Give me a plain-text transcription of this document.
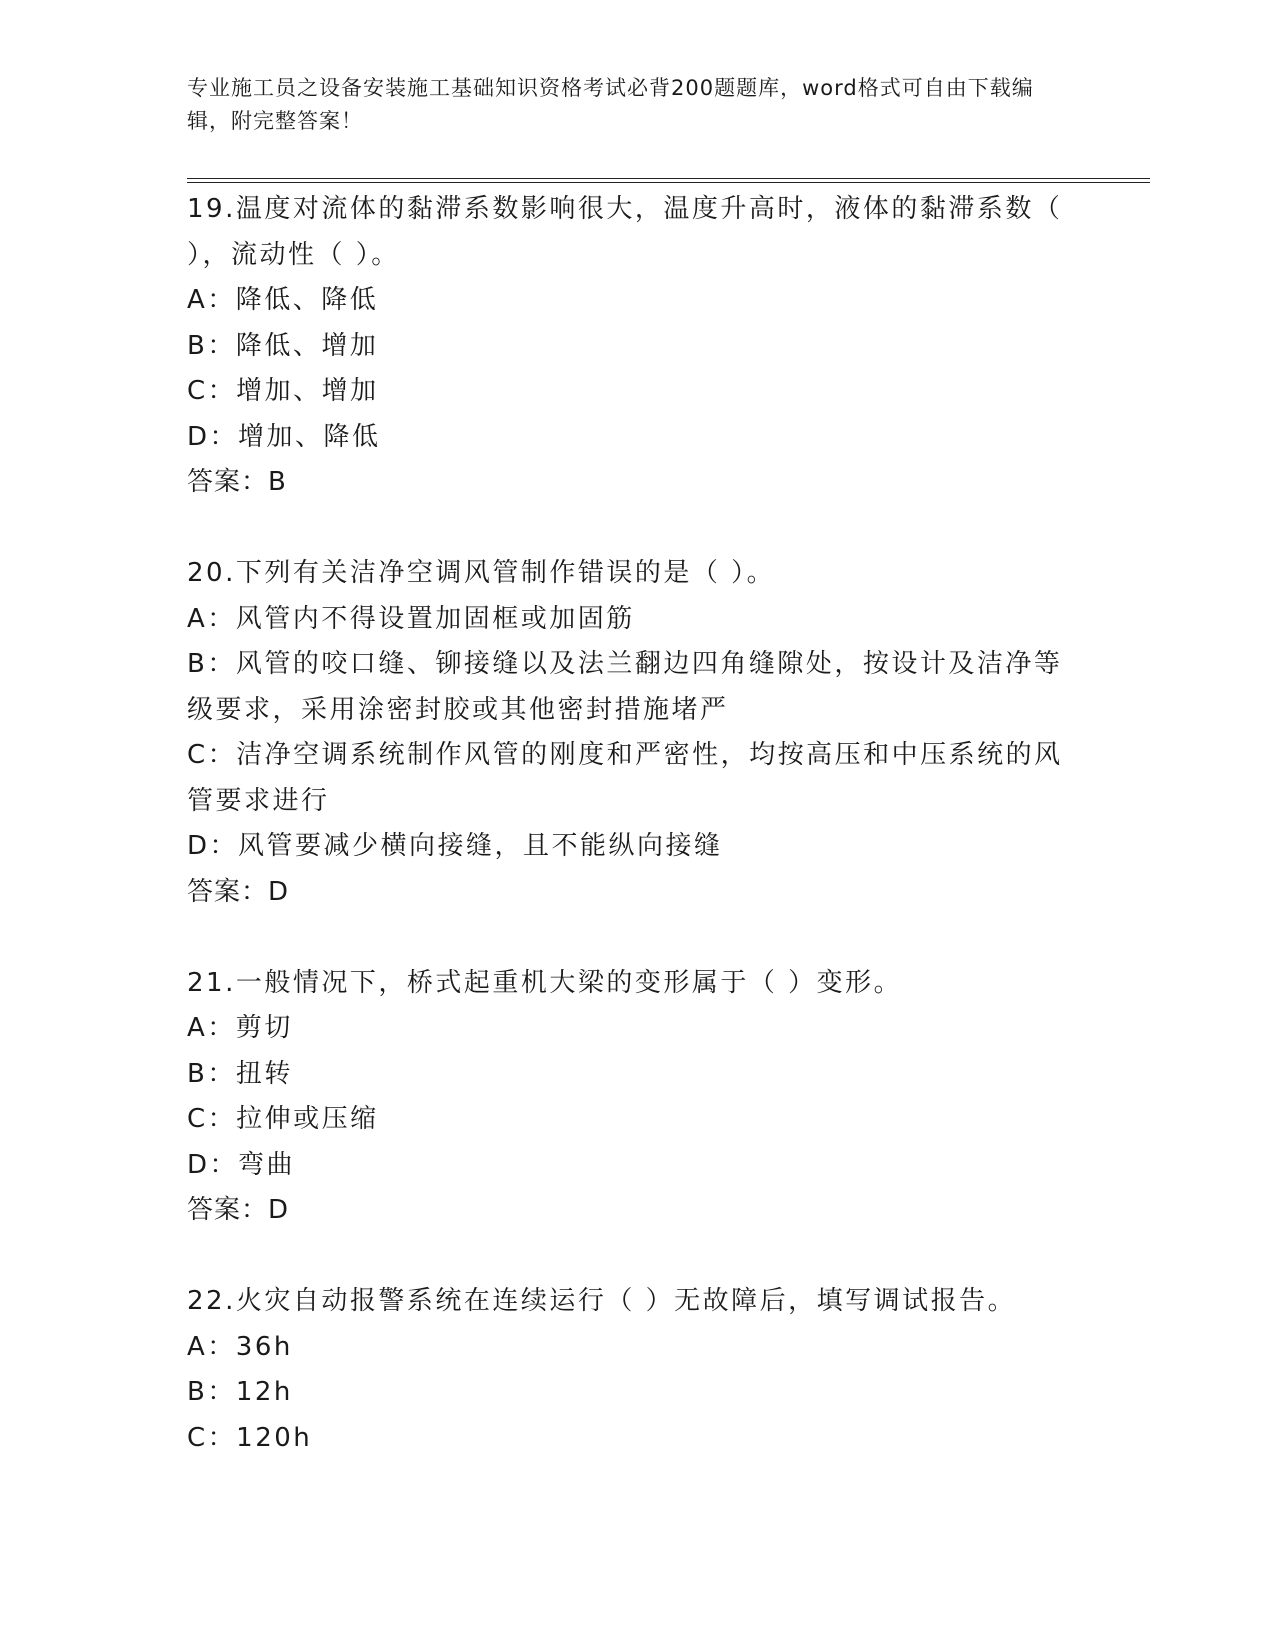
专业施工员之设备安装施工基础知识资格考试必背200题题库，word格式可自由下载编辑，附完整答案！
19.温度对流体的黏滞系数影响很大，温度升高时，液体的黏滞系数（ ），流动性（ ）。
A：降低、降低
B：降低、增加
C：增加、增加
D：增加、降低
答案：B
20.下列有关洁净空调风管制作错误的是（ ）。
A：风管内不得设置加固框或加固筋
B：风管的咬口缝、铆接缝以及法兰翻边四角缝隙处，按设计及洁净等级要求，采用涂密封胶或其他密封措施堵严
C：洁净空调系统制作风管的刚度和严密性，均按高压和中压系统的风管要求进行
D：风管要减少横向接缝，且不能纵向接缝
答案：D
21.一般情况下，桥式起重机大梁的变形属于（ ）变形。
A：剪切
B：扭转
C：拉伸或压缩
D：弯曲
答案：D
22.火灾自动报警系统在连续运行（ ）无故障后，填写调试报告。
A：36h
B：12h
C：120h
